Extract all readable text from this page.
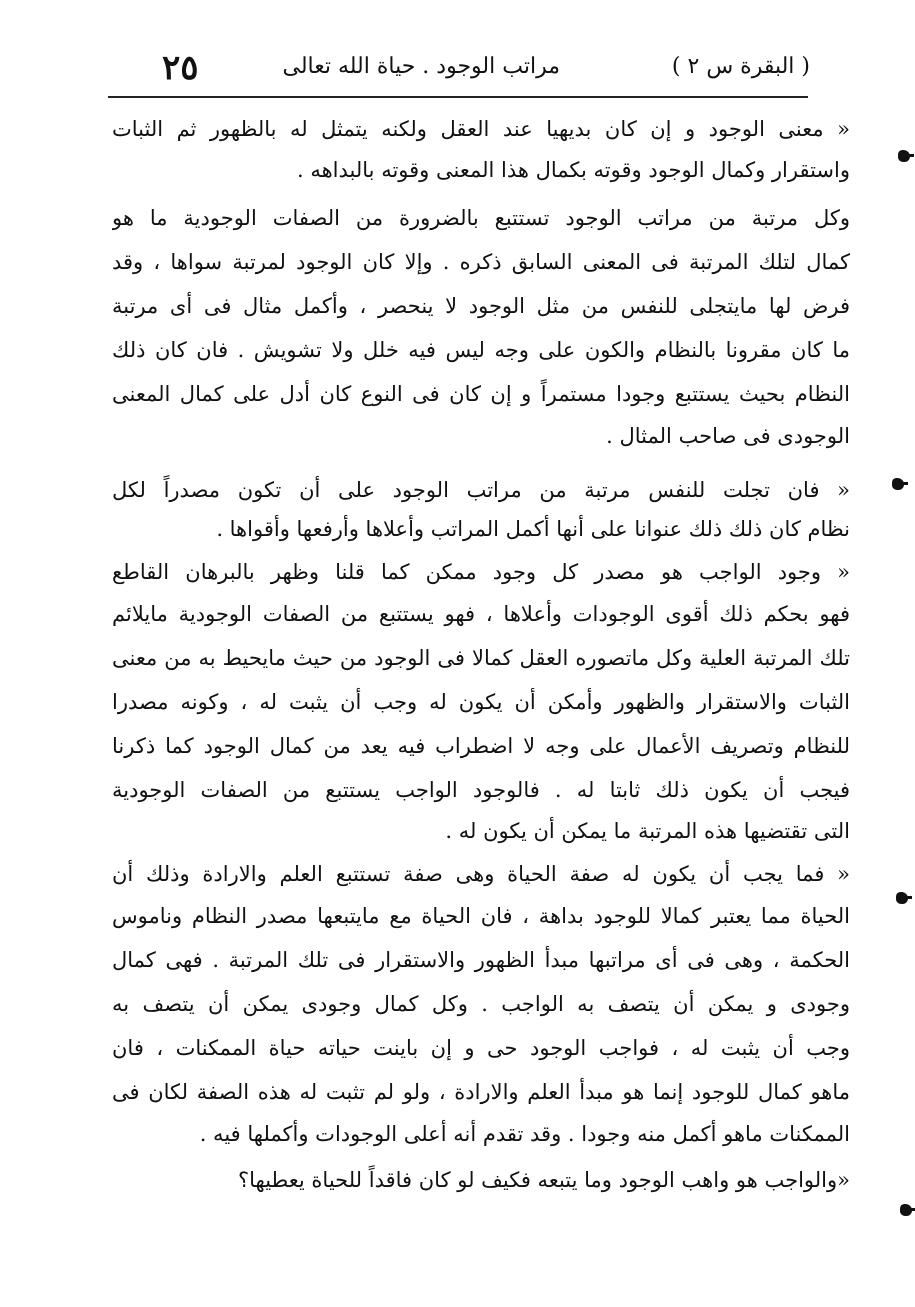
( البقرة س ٢ )
مراتب الوجود . حياة الله تعالى
٢٥
« معنى الوجود و إن كان بديهيا عند العقل ولكنه يتمثل له بالظهور ثم الثبات
واستقرار وكمال الوجود وقوته بكمال هذا المعنى وقوته بالبداهه .
وكل مرتبة من مراتب الوجود تستتبع بالضرورة من الصفات الوجودية ما هو
كمال لتلك المرتبة فى المعنى السابق ذكره . وإلا كان الوجود لمرتبة سواها ، وقد
فرض لها مايتجلى للنفس من مثل الوجود لا ينحصر ، وأكمل مثال فى أى مرتبة
ما كان مقرونا بالنظام والكون على وجه ليس فيه خلل ولا تشويش . فان كان ذلك
النظام بحيث يستتبع وجودا مستمراً و إن كان فى النوع كان أدل على كمال المعنى
الوجودى فى صاحب المثال .
« فان تجلت للنفس مرتبة من مراتب الوجود على أن تكون مصدراً لكل
نظام كان ذلك ذلك عنوانا على أنها أكمل المراتب وأعلاها وأرفعها وأقواها .
« وجود الواجب هو مصدر كل وجود ممكن كما قلنا وظهر بالبرهان القاطع
فهو بحكم ذلك أقوى الوجودات وأعلاها ، فهو يستتبع من الصفات الوجودية مايلائم
تلك المرتبة العلية وكل ماتصوره العقل كمالا فى الوجود من حيث مايحيط به من معنى
الثبات والاستقرار والظهور وأمكن أن يكون له وجب أن يثبت له ، وكونه مصدرا
للنظام وتصريف الأعمال على وجه لا اضطراب فيه يعد من كمال الوجود كما ذكرنا
فيجب أن يكون ذلك ثابتا له . فالوجود الواجب يستتبع من الصفات الوجودية
التى تقتضيها هذه المرتبة ما يمكن أن يكون له .
« فما يجب أن يكون له صفة الحياة وهى صفة تستتبع العلم والارادة وذلك أن
الحياة مما يعتبر كمالا للوجود بداهة ، فان الحياة مع مايتبعها مصدر النظام وناموس
الحكمة ، وهى فى أى مراتبها مبدأ الظهور والاستقرار فى تلك المرتبة . فهى كمال
وجودى و يمكن أن يتصف به الواجب . وكل كمال وجودى يمكن أن يتصف به
وجب أن يثبت له ، فواجب الوجود حى و إن باينت حياته حياة الممكنات ، فان
ماهو كمال للوجود إنما هو مبدأ العلم والارادة ، ولو لم تثبت له هذه الصفة لكان فى
الممكنات ماهو أكمل منه وجودا . وقد تقدم أنه أعلى الوجودات وأكملها فيه .
«والواجب هو واهب الوجود وما يتبعه فكيف لو كان فاقداً للحياة يعطيها؟
